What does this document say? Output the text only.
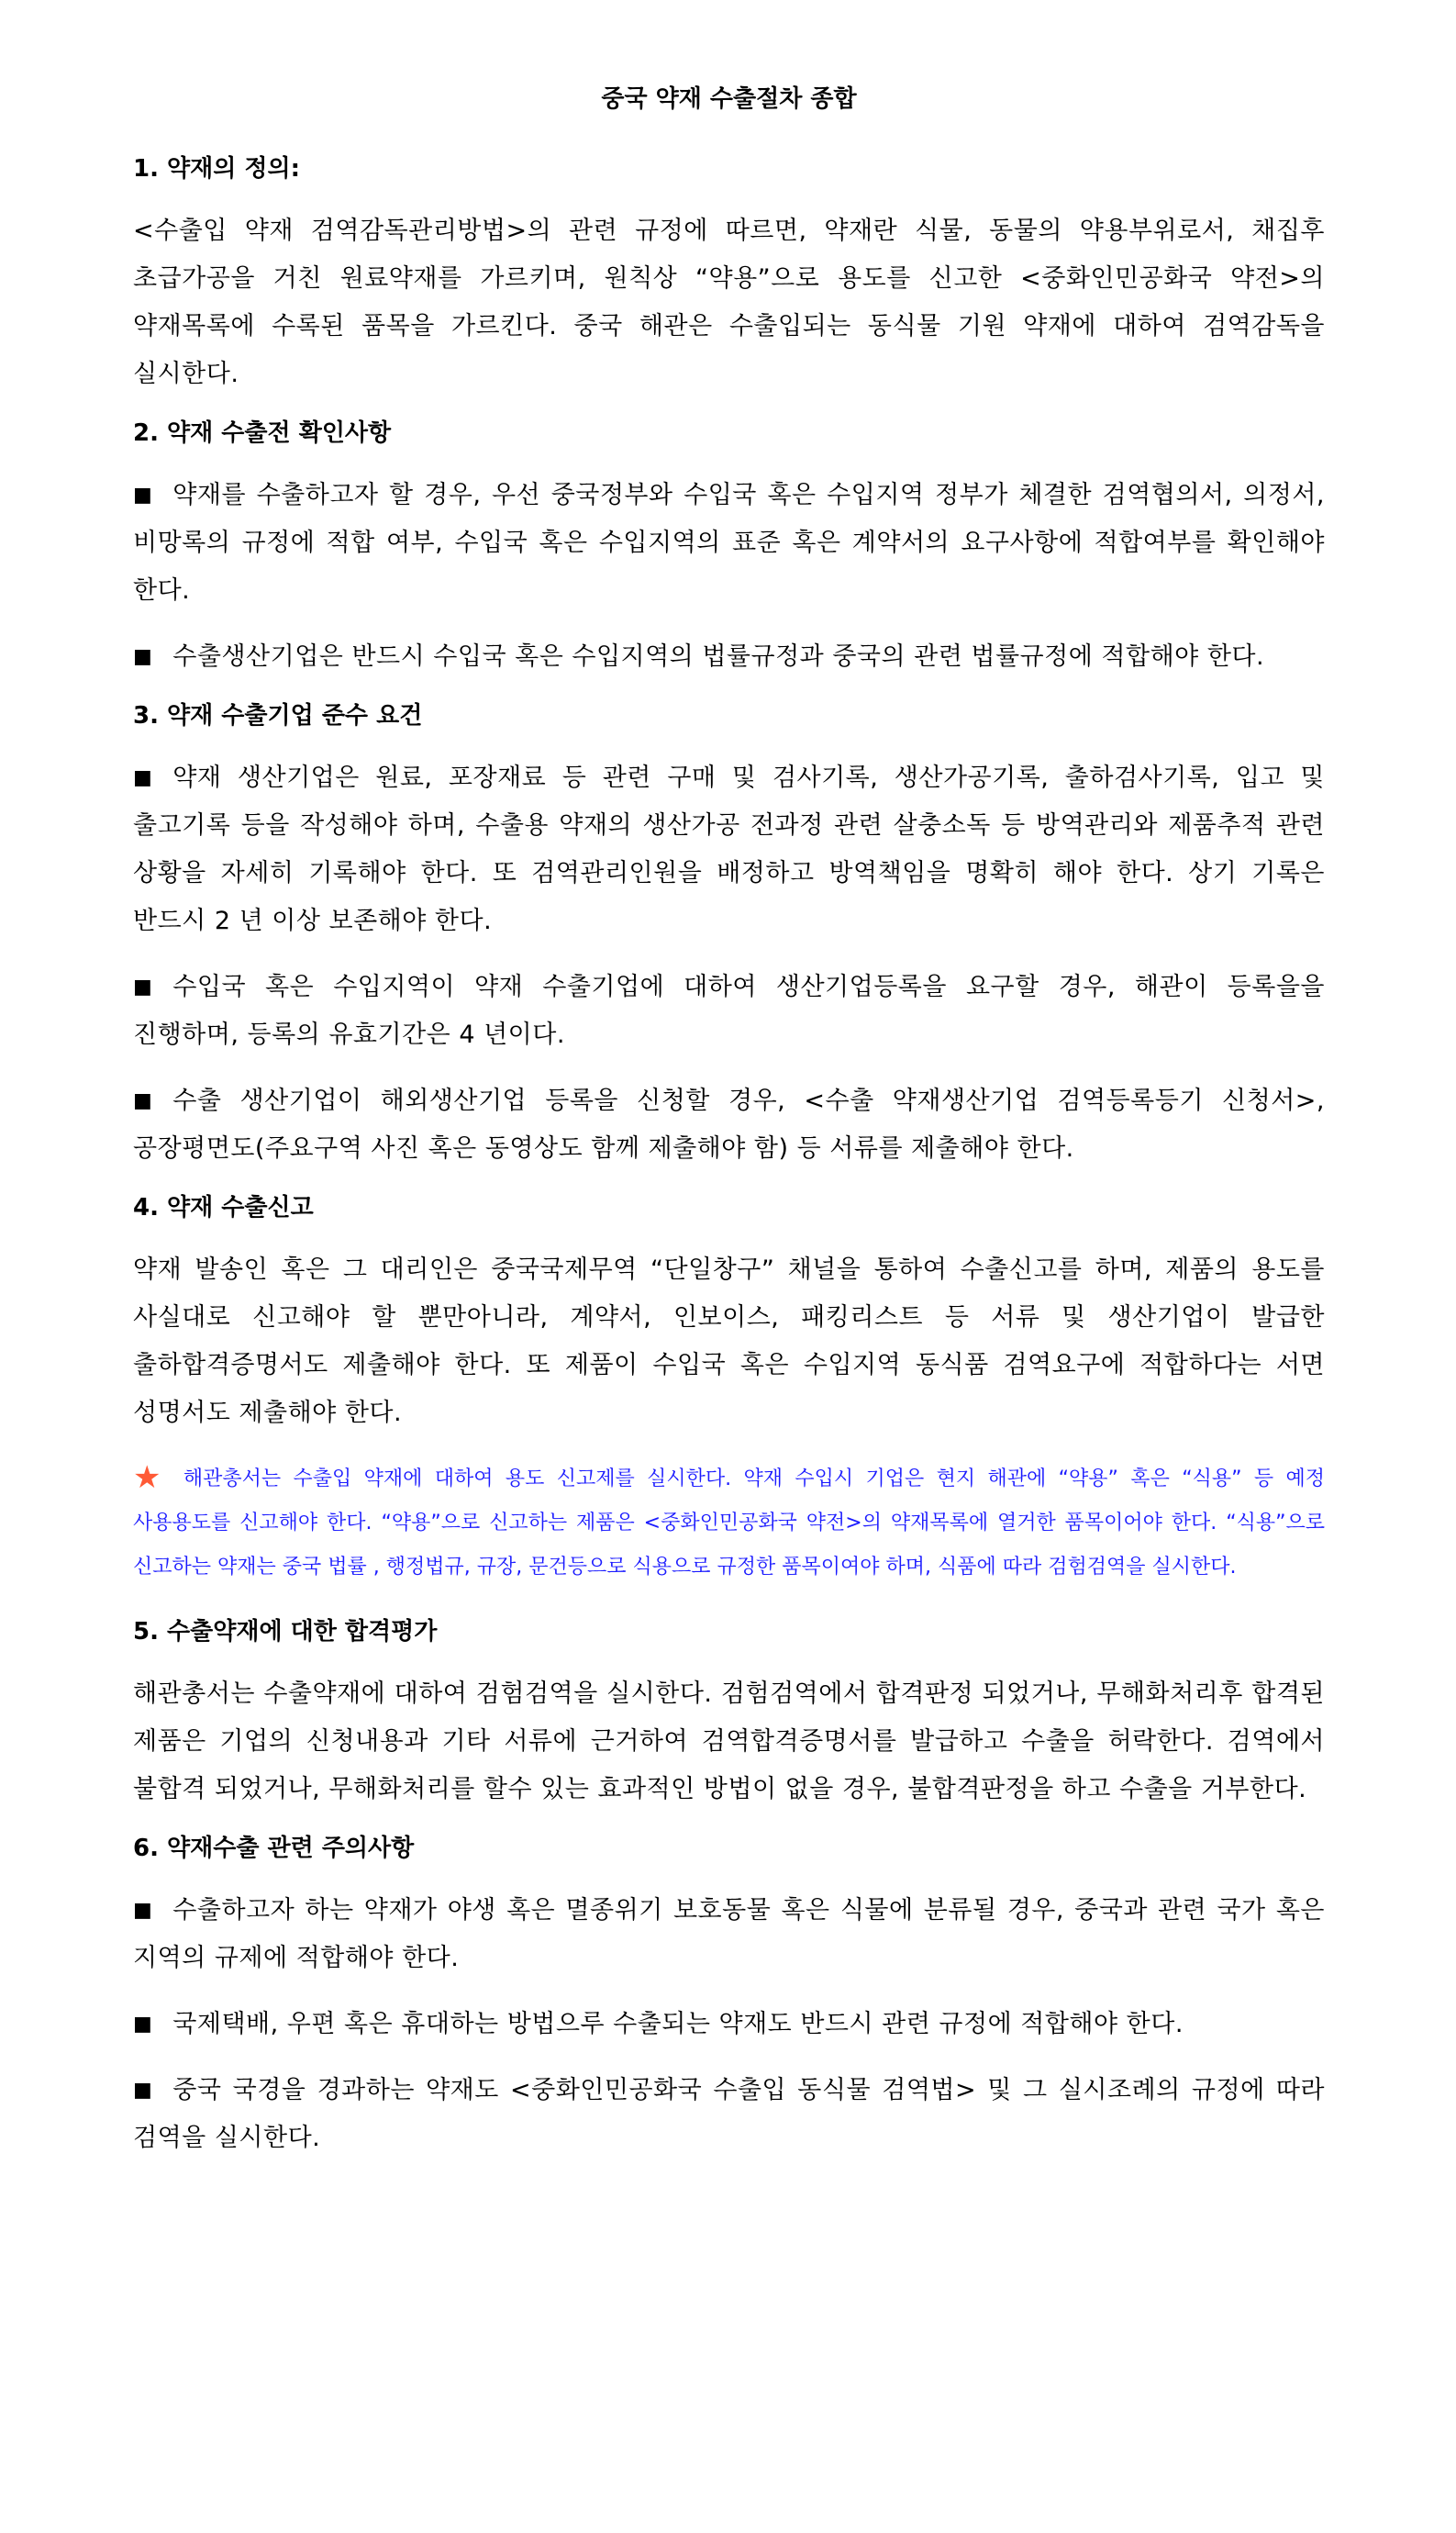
중국 약재 수출절차 종합
1. 약재의 정의:

<수출입 약재 검역감독관리방법>의 관련 규정에 따르면, 약재란 식물, 동물의 약용부위로서, 채집후 초급가공을 거친 원료약재를 가르키며, 원칙상 “약용”으로 용도를 신고한 <중화인민공화국 약전>의 약재목록에 수록된 품목을 가르킨다. 중국 해관은 수출입되는 동식물 기원 약재에 대하여 검역감독을 실시한다.

2. 약재 수출전 확인사항

■ 약재를 수출하고자 할 경우, 우선 중국정부와 수입국 혹은 수입지역 정부가 체결한 검역협의서, 의정서, 비망록의 규정에 적합 여부, 수입국 혹은 수입지역의 표준 혹은 계약서의 요구사항에 적합여부를 확인해야 한다.

■ 수출생산기업은 반드시 수입국 혹은 수입지역의 법률규정과 중국의 관련 법률규정에 적합해야 한다.

3. 약재 수출기업 준수 요건

■ 약재 생산기업은 원료, 포장재료 등 관련 구매 및 검사기록, 생산가공기록, 출하검사기록, 입고 및 출고기록 등을 작성해야 하며, 수출용 약재의 생산가공 전과정 관련 살충소독 등 방역관리와 제품추적 관련 상황을 자세히 기록해야 한다. 또 검역관리인원을 배정하고 방역책임을 명확히 해야 한다. 상기 기록은 반드시 2 년 이상 보존해야 한다.

■ 수입국 혹은 수입지역이 약재 수출기업에 대하여 생산기업등록을 요구할 경우, 해관이 등록을을 진행하며, 등록의 유효기간은 4 년이다.

■ 수출 생산기업이 해외생산기업 등록을 신청할 경우, <수출 약재생산기업 검역등록등기 신청서>, 공장평면도(주요구역 사진 혹은 동영상도 함께 제출해야 함) 등 서류를 제출해야 한다.

4. 약재 수출신고

약재 발송인 혹은 그 대리인은 중국국제무역 “단일창구” 채널을 통하여 수출신고를 하며, 제품의 용도를 사실대로 신고해야 할 뿐만아니라, 계약서, 인보이스, 패킹리스트 등 서류 및 생산기업이 발급한 출하합격증명서도 제출해야 한다. 또 제품이 수입국 혹은 수입지역 동식품 검역요구에 적합하다는 서면 성명서도 제출해야 한다.

★ 해관총서는 수출입 약재에 대하여 용도 신고제를 실시한다. 약재 수입시 기업은 현지 해관에 “약용” 혹은 “식용” 등 예정 사용용도를 신고해야 한다. “약용”으로 신고하는 제품은 <중화인민공화국 약전>의 약재목록에 열거한 품목이어야 한다. “식용”으로 신고하는 약재는 중국 법률 , 행정법규, 규장, 문건등으로 식용으로 규정한 품목이여야 하며, 식품에 따라 검험검역을 실시한다.

5. 수출약재에 대한 합격평가

해관총서는 수출약재에 대하여 검험검역을 실시한다. 검험검역에서 합격판정 되었거나, 무해화처리후 합격된 제품은 기업의 신청내용과 기타 서류에 근거하여 검역합격증명서를 발급하고 수출을 허락한다. 검역에서 불합격 되었거나, 무해화처리를 할수 있는 효과적인 방법이 없을 경우, 불합격판정을 하고 수출을 거부한다.

6. 약재수출 관련 주의사항

■ 수출하고자 하는 약재가 야생 혹은 멸종위기 보호동물 혹은 식물에 분류될 경우, 중국과 관련 국가 혹은 지역의 규제에 적합해야 한다.

■ 국제택배, 우편 혹은 휴대하는 방법으루 수출되는 약재도 반드시 관련 규정에 적합해야 한다.

■ 중국 국경을 경과하는 약재도 <중화인민공화국 수출입 동식물 검역법> 및 그 실시조례의 규정에 따라 검역을 실시한다.
